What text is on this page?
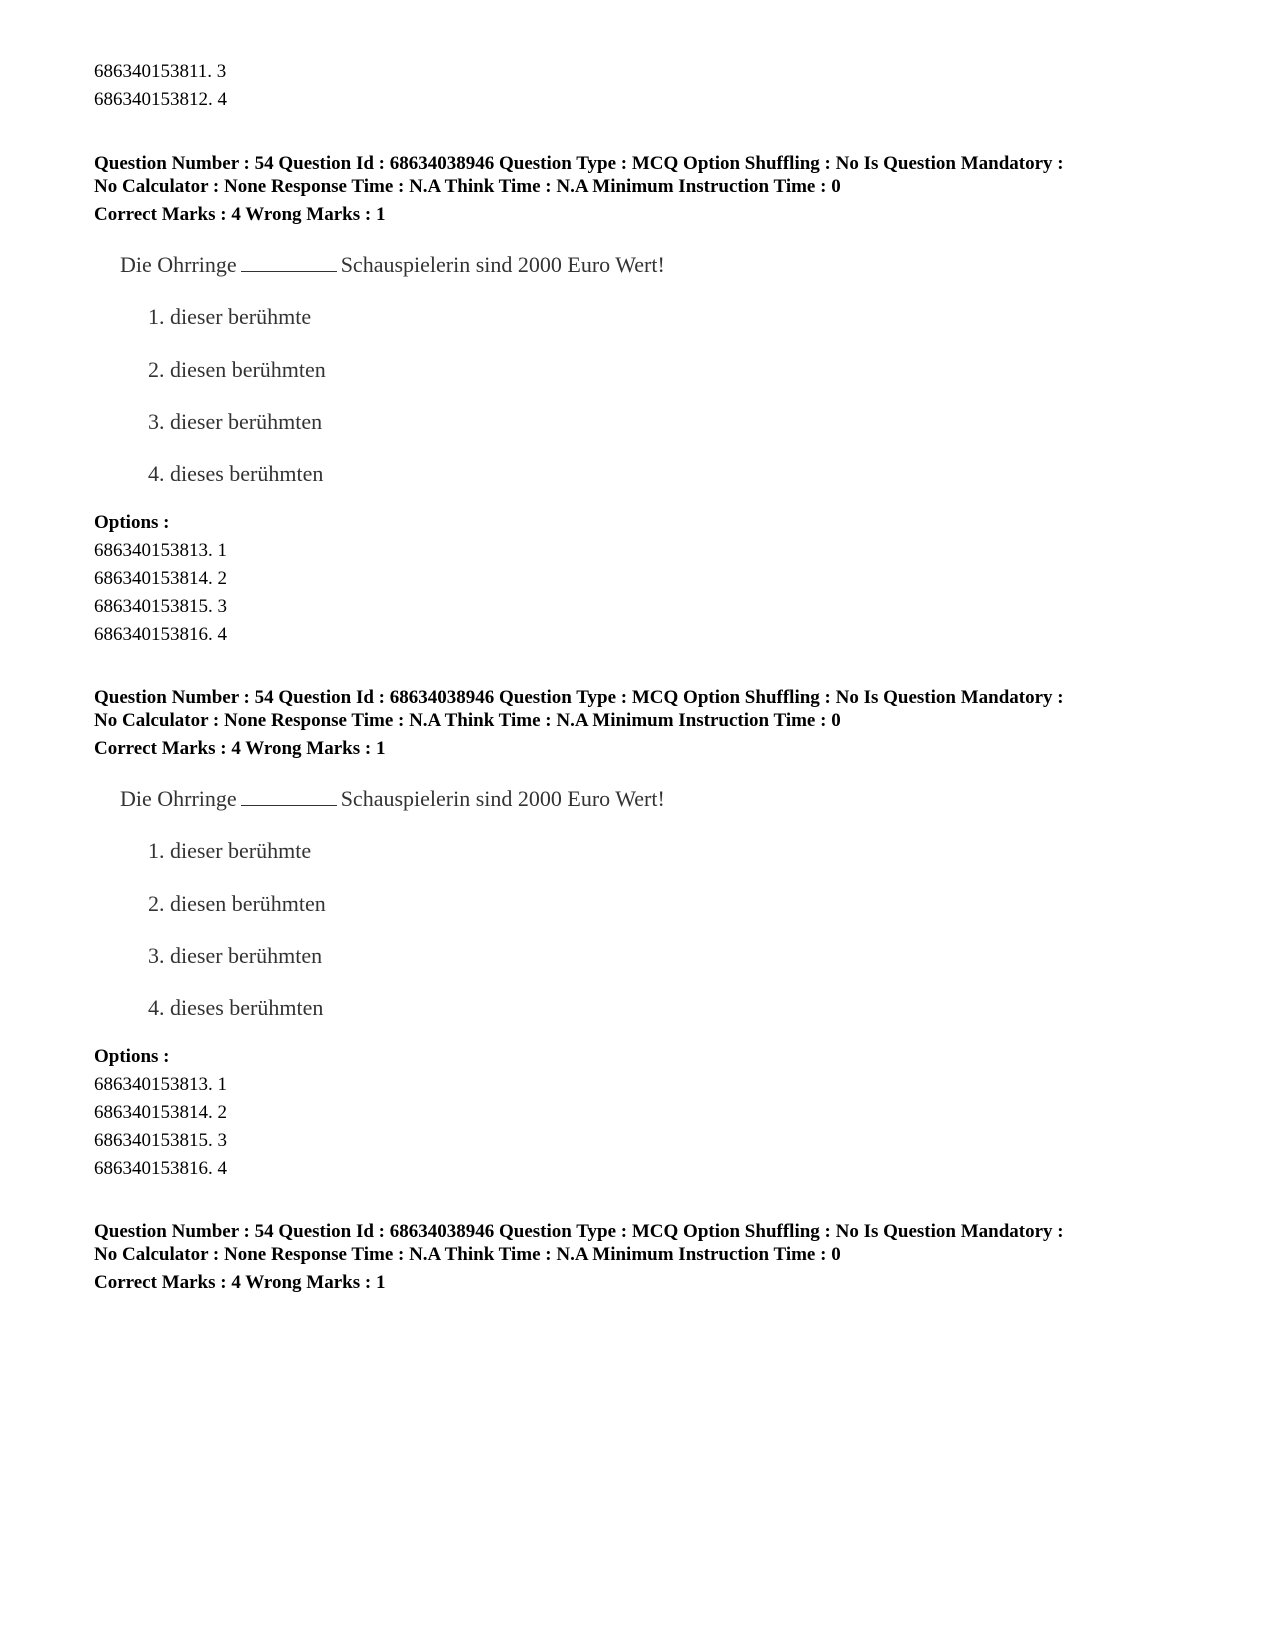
686340153811. 3
686340153812. 4
Question Number : 54 Question Id : 68634038946 Question Type : MCQ Option Shuffling : No Is Question Mandatory :
No Calculator : None Response Time : N.A Think Time : N.A Minimum Instruction Time : 0
Correct Marks : 4 Wrong Marks : 1
Die Ohrringe	Schauspielerin sind 2000 Euro Wert!
1. dieser berühmte
2. diesen berühmten
3. dieser berühmten
4. dieses berühmten
Options :
686340153813. 1
686340153814. 2
686340153815. 3
686340153816. 4
Question Number : 54 Question Id : 68634038946 Question Type : MCQ Option Shuffling : No Is Question Mandatory :
No Calculator : None Response Time : N.A Think Time : N.A Minimum Instruction Time : 0
Correct Marks : 4 Wrong Marks : 1
Die Ohrringe	Schauspielerin sind 2000 Euro Wert!
1. dieser berühmte
2. diesen berühmten
3. dieser berühmten
4. dieses berühmten
Options :
686340153813. 1
686340153814. 2
686340153815. 3
686340153816. 4
Question Number : 54 Question Id : 68634038946 Question Type : MCQ Option Shuffling : No Is Question Mandatory :
No Calculator : None Response Time : N.A Think Time : N.A Minimum Instruction Time : 0
Correct Marks : 4 Wrong Marks : 1
